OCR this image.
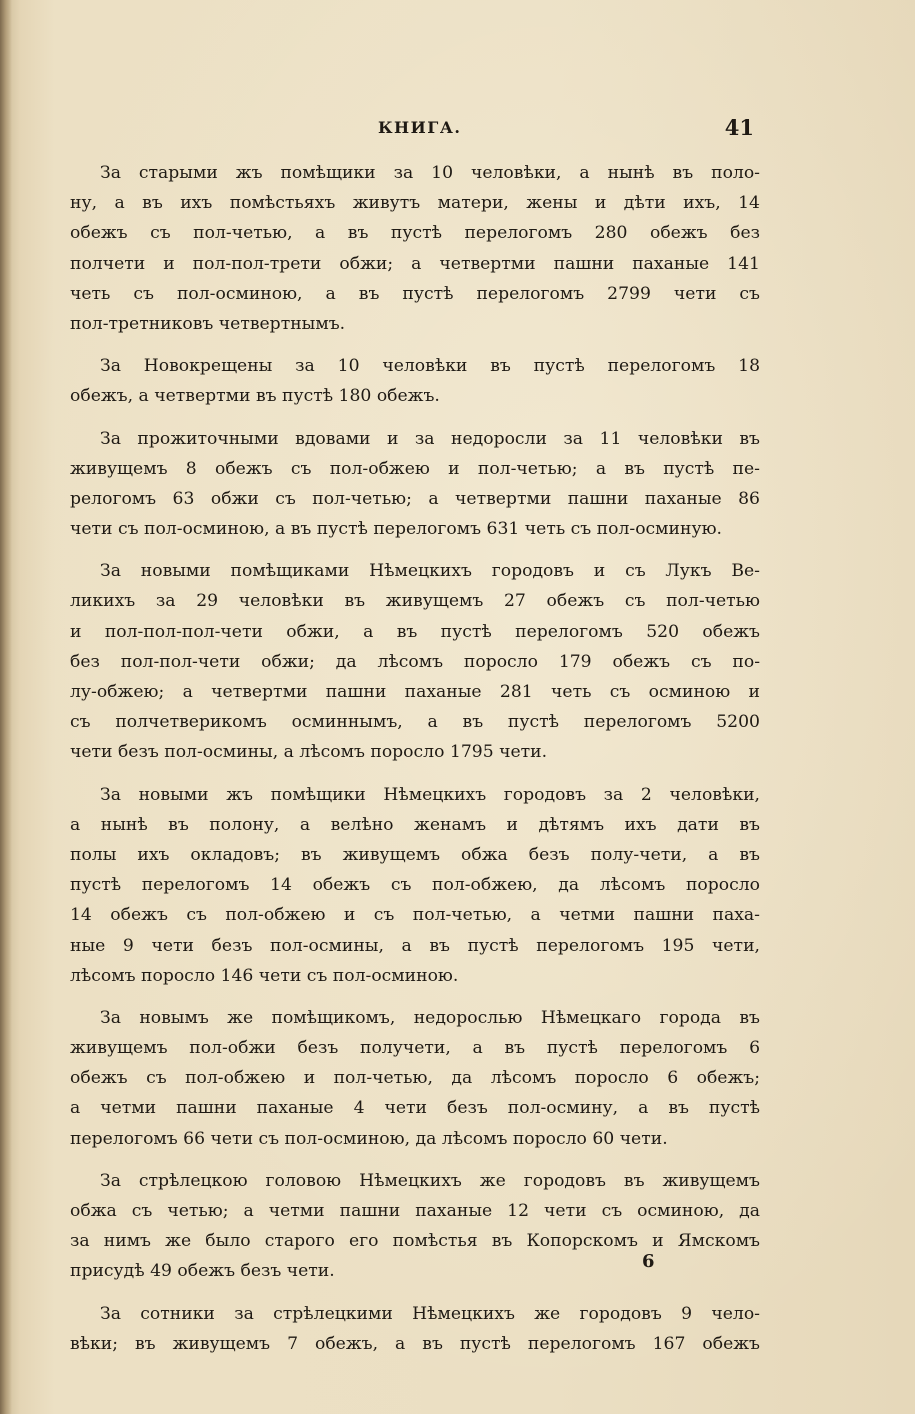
КНИГА.	41
За старыми жъ помѣщики за 10 человѣки, а нынѣ въ поло-
ну, а въ ихъ помѣстьяхъ живутъ матери, жены и дѣти ихъ, 14
обежъ съ пол-четью, а въ пустѣ перелогомъ 280 обежъ без
полчети и пол-пол-трети обжи; а четвертми пашни паханые 141
четь съ пол-осминою, а въ пустѣ перелогомъ 2799 чети съ
пол-третниковъ четвертнымъ.
За Новокрещены за 10 человѣки въ пустѣ перелогомъ 18
обежъ, а четвертми въ пустѣ 180 обежъ.
За прожиточными вдовами и за недоросли за 11 человѣки въ
живущемъ 8 обежъ съ пол-обжею и пол-четью; а въ пустѣ пе-
релогомъ 63 обжи съ пол-четью; а четвертми пашни паханые 86
чети съ пол-осминою, а въ пустѣ перелогомъ 631 четь съ пол-осминую.
За новыми помѣщиками Нѣмецкихъ городовъ и съ Лукъ Ве-
ликихъ за 29 человѣки въ живущемъ 27 обежъ съ пол-четью
и пол-пол-пол-чети обжи, а въ пустѣ перелогомъ 520 обежъ
без пол-пол-чети обжи; да лѣсомъ поросло 179 обежъ съ по-
лу-обжею; а четвертми пашни паханые 281 четь съ осминою и
съ полчетверикомъ осминнымъ, а въ пустѣ перелогомъ 5200
чети безъ пол-осмины, а лѣсомъ поросло 1795 чети.
За новыми жъ помѣщики Нѣмецкихъ городовъ за 2 человѣки,
а нынѣ въ полону, а велѣно женамъ и дѣтямъ ихъ дати въ
полы ихъ окладовъ; въ живущемъ обжа безъ полу-чети, а въ
пустѣ перелогомъ 14 обежъ съ пол-обжею, да лѣсомъ поросло
14 обежъ съ пол-обжею и съ пол-четью, а четми пашни паха-
ные 9 чети безъ пол-осмины, а въ пустѣ перелогомъ 195 чети,
лѣсомъ поросло 146 чети съ пол-осминою.
За новымъ же помѣщикомъ, недорослью Нѣмецкаго города въ
живущемъ пол-обжи безъ получети, а въ пустѣ перелогомъ 6
обежъ съ пол-обжею и пол-четью, да лѣсомъ поросло 6 обежъ;
а четми пашни паханые 4 чети безъ пол-осмину, а въ пустѣ
перелогомъ 66 чети съ пол-осминою, да лѣсомъ поросло 60 чети.
За стрѣлецкою головою Нѣмецкихъ же городовъ въ живущемъ
обжа съ четью; а четми пашни паханые 12 чети съ осминою, да
за нимъ же было старого его помѣстья въ Копорскомъ и Ямскомъ
присудѣ 49 обежъ безъ чети.
За сотники за стрѣлецкими Нѣмецкихъ же городовъ 9 чело-
вѣки; въ живущемъ 7 обежъ, а въ пустѣ перелогомъ 167 обежъ
6
